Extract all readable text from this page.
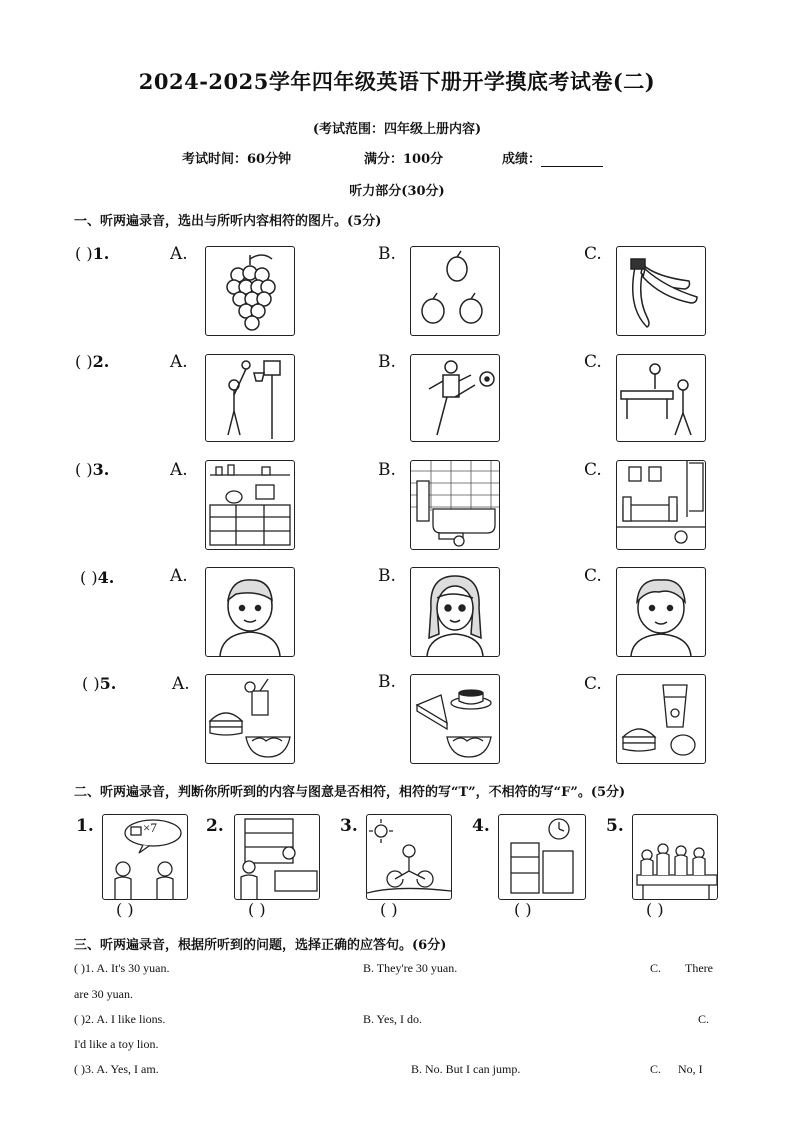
2024-2025学年四年级英语下册开学摸底考试卷(二)
(考试范围：四年级上册内容)
考试时间：60分钟	满分：100分	成绩：
听力部分(30分)
一、听两遍录音，选出与所听内容相符的图片。(5分)
( )1.	A.	B.	C.
( )2.	A.	B.	C.
( )3.	A.	B.	C.
( )4.	A.	B.	C.
( )5.	A.	B.	C.
二、听两遍录音，判断你所听到的内容与图意是否相符，相符的写“T”，不相符的写“F”。(5分)
1.	×7	2.	3.	4.	5.
( )	( )	( )	( )	( )
三、听两遍录音，根据所听到的问题，选择正确的应答句。(6分)
( )1. A. It's 30 yuan.	B. They're 30 yuan.	C. There
are 30 yuan.
( )2. A. I like lions.	B. Yes, I do.	C.
I'd like a toy lion.
( )3. A. Yes, I am.	B. No. But I can jump.	C. No, I
